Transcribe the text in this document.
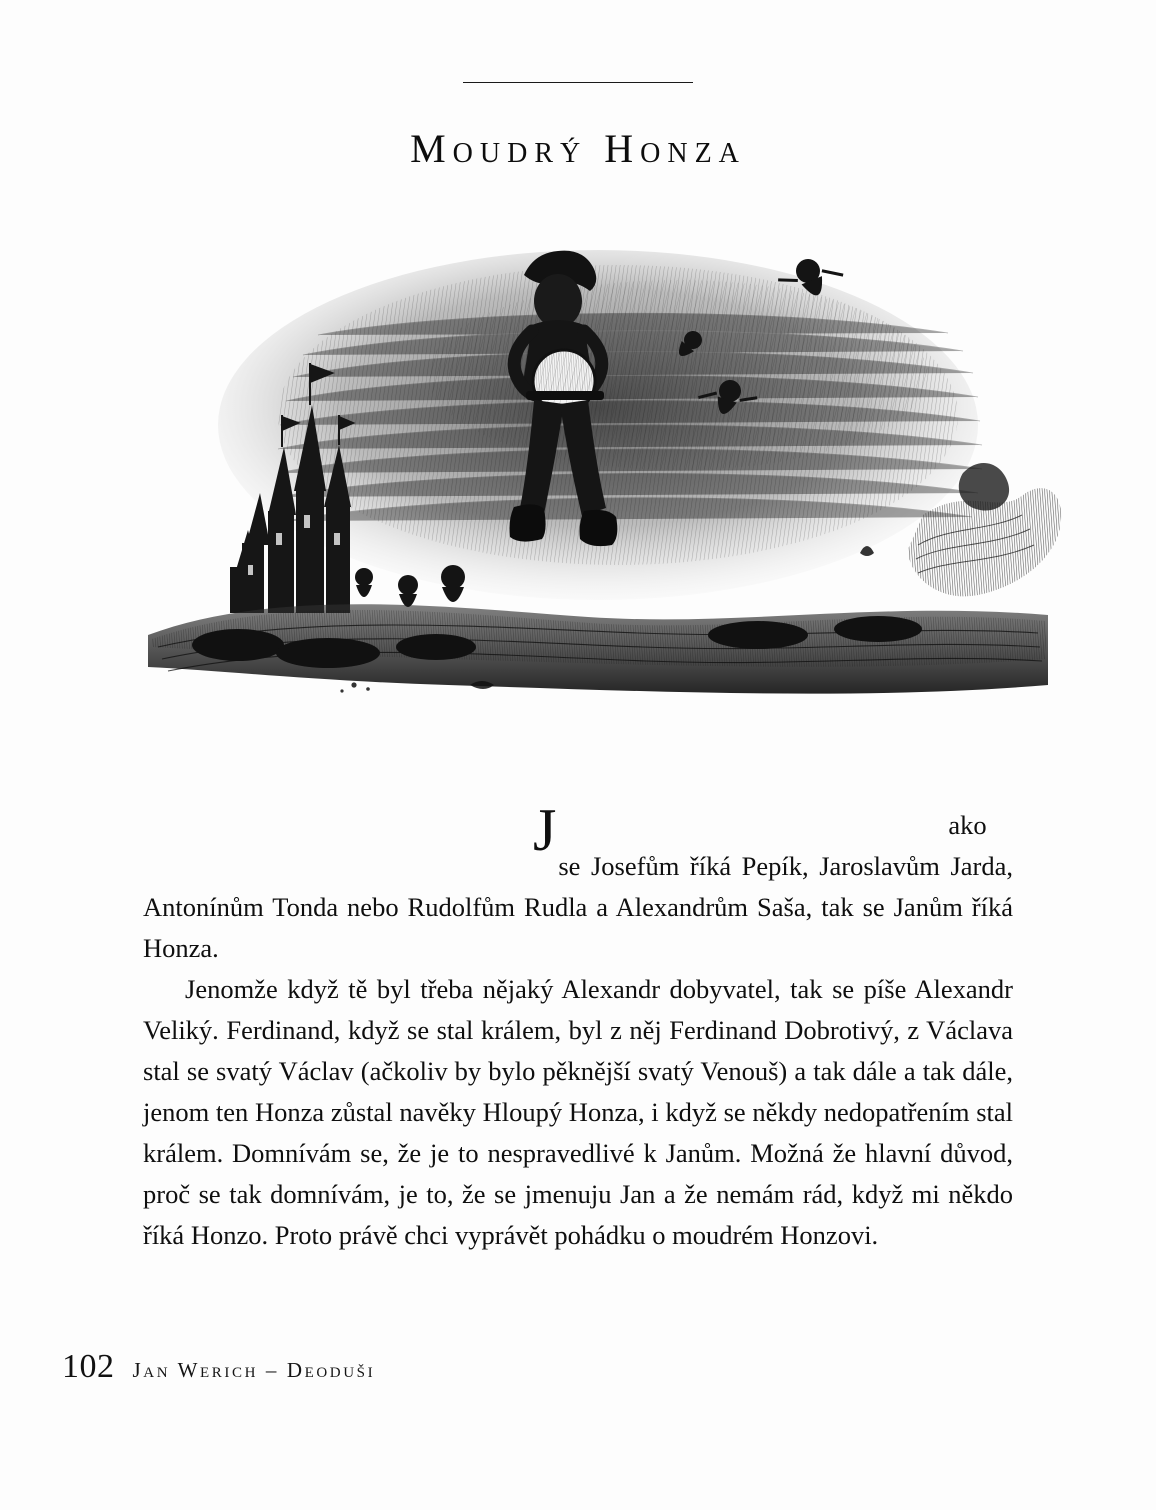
Moudrý Honza

J	ako se Josefům říká Pepík, Jaroslavům Jarda, Antonínům Tonda nebo Rudolfům Rudla a Alexandrům Saša, tak se Janům říká Honza.

Jenomže když tě byl třeba nějaký Alexandr dobyvatel, tak se píše Alexandr Veliký. Ferdinand, když se stal králem, byl z něj Ferdinand Dobrotivý, z Václava stal se svatý Václav (ačkoliv by bylo pěknější svatý Venouš) a tak dále a tak dále, jenom ten Honza zůstal navěky Hloupý Honza, i když se někdy nedopatřením stal králem. Domnívám se, že je to nespravedlivé k Janům. Možná že hlavní důvod, proč se tak domnívám, je to, že se jmenuju Jan a že nemám rád, když mi někdo říká Honzo. Proto právě chci vyprávět pohádku o moudrém Honzovi.

102 Jan Werich – Deoduši
